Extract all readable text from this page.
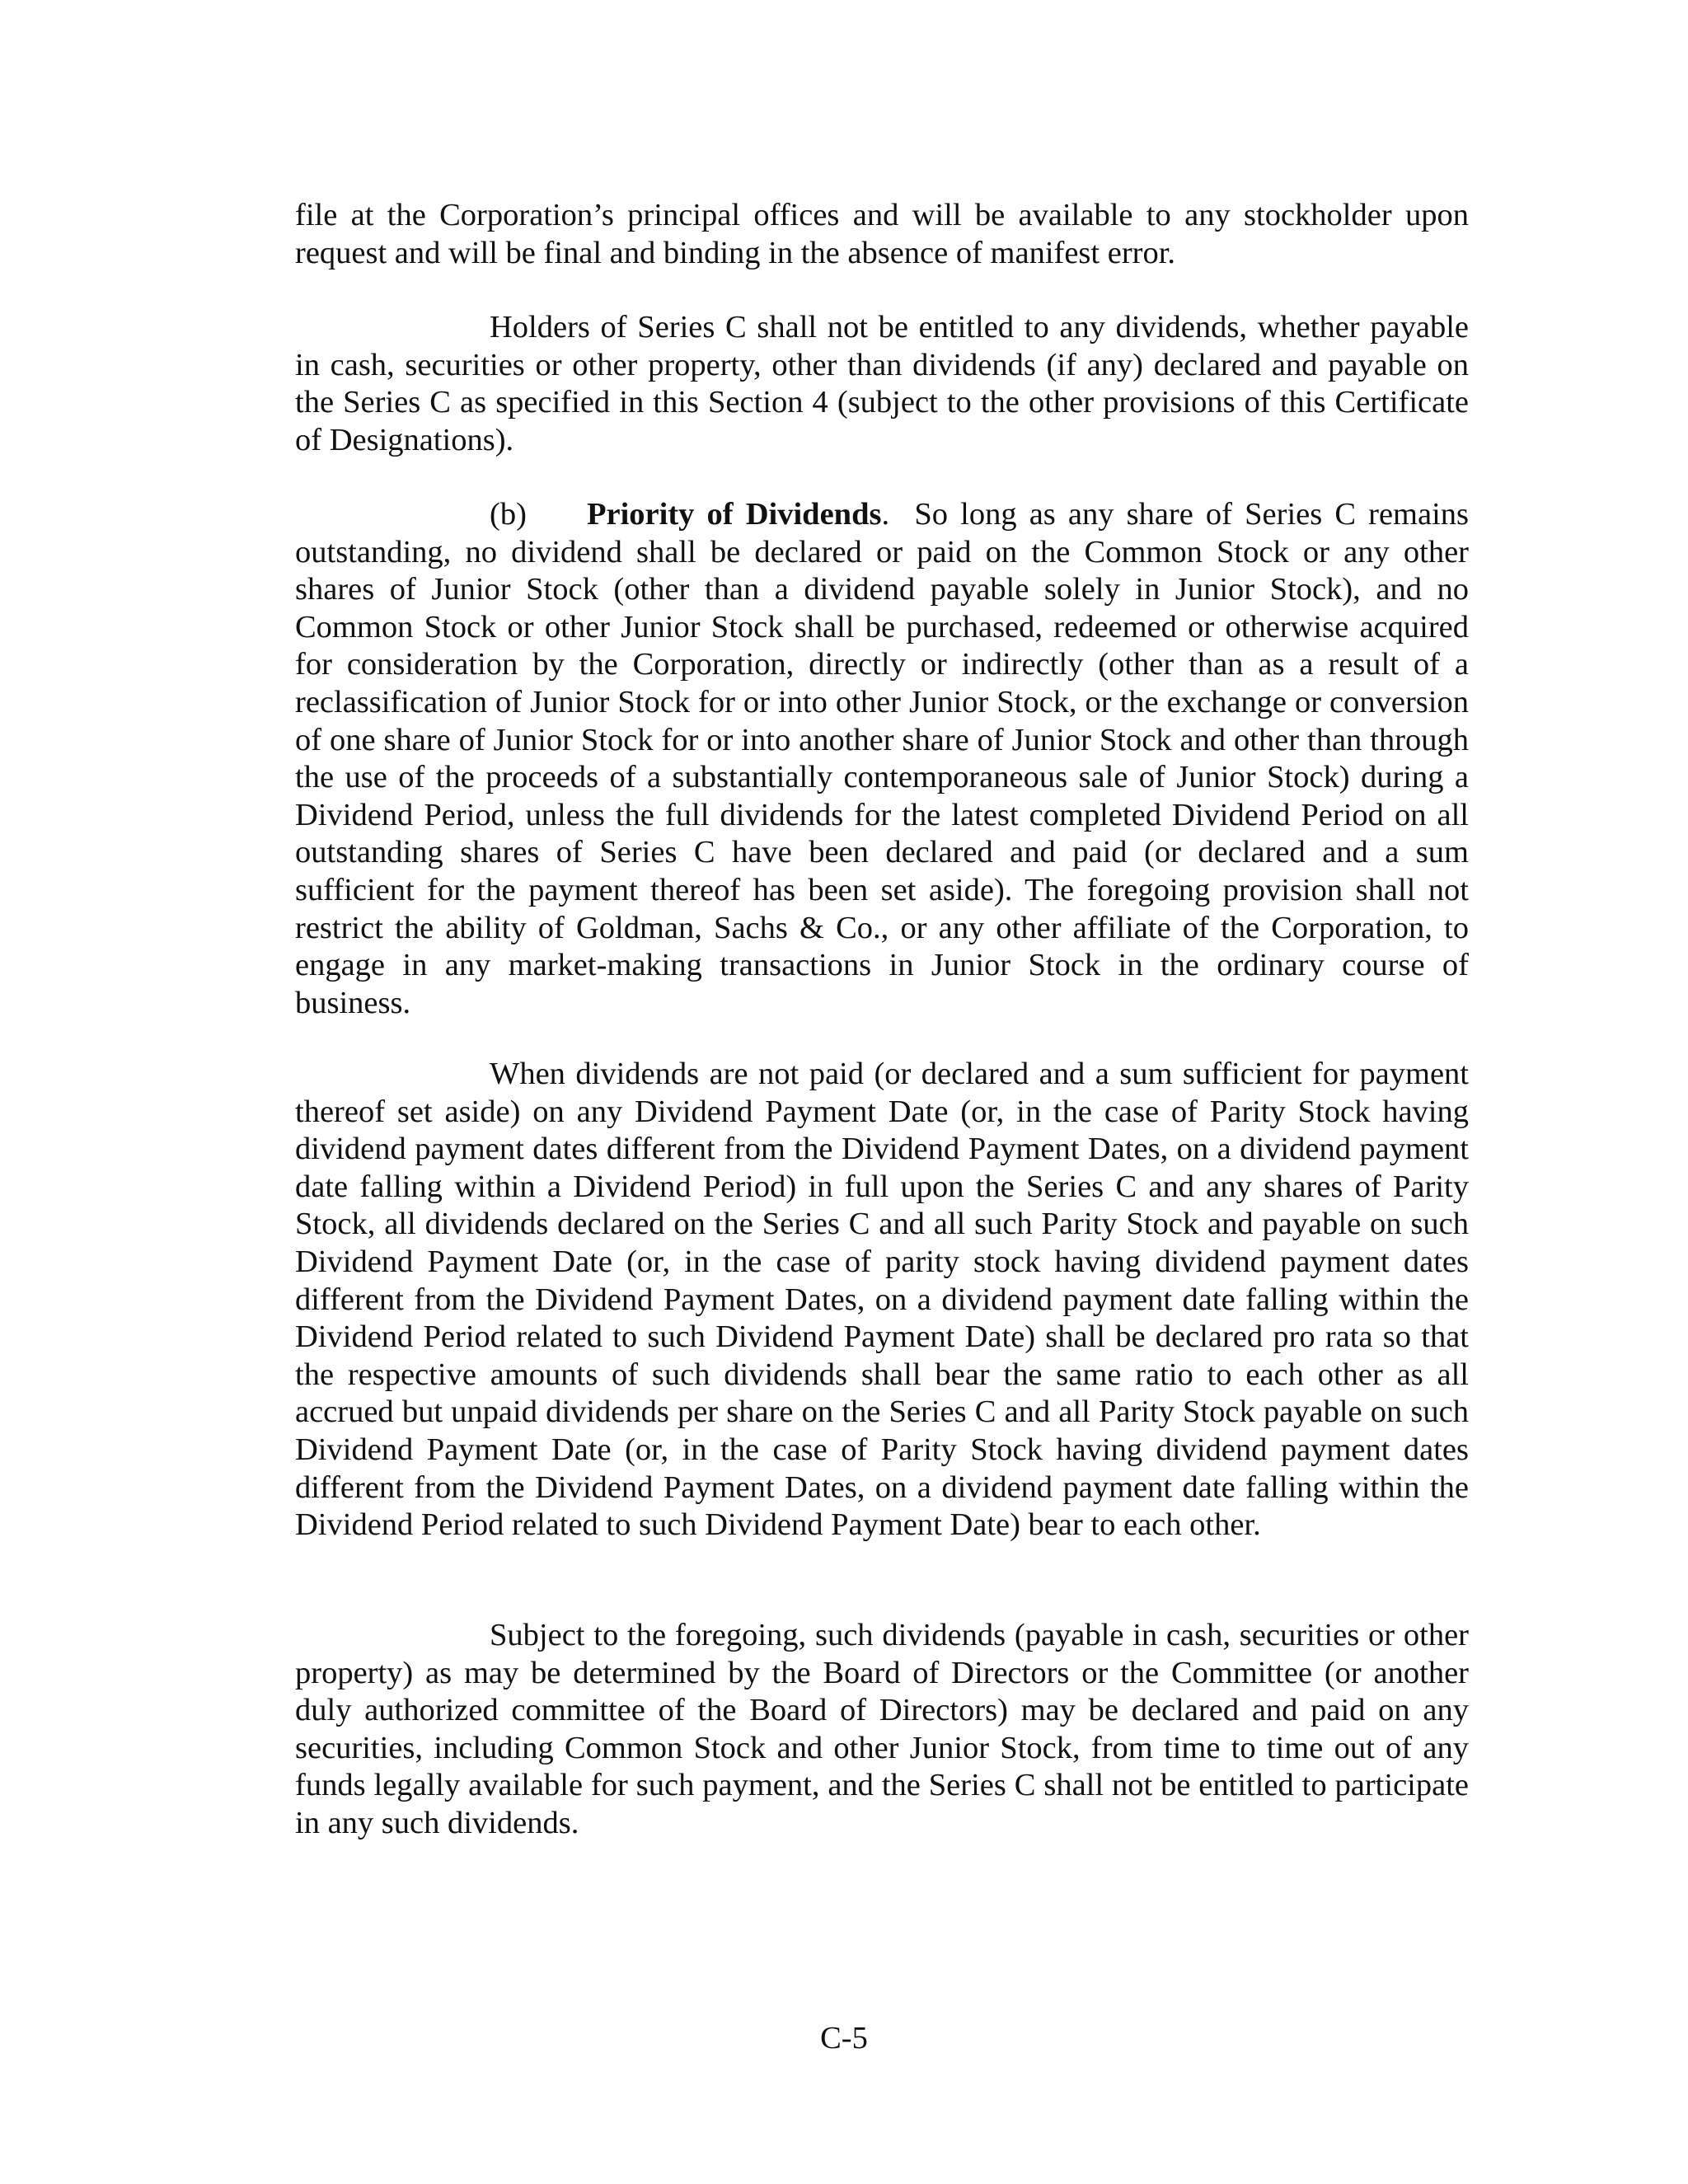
file at the Corporation’s principal offices and will be available to any stockholder upon request and will be final and binding in the absence of manifest error.

Holders of Series C shall not be entitled to any dividends, whether payable in cash, securities or other property, other than dividends (if any) declared and payable on the Series C as specified in this Section 4 (subject to the other provisions of this Certificate of Designations).

(b) Priority of Dividends. So long as any share of Series C remains outstanding, no dividend shall be declared or paid on the Common Stock or any other shares of Junior Stock (other than a dividend payable solely in Junior Stock), and no Common Stock or other Junior Stock shall be purchased, redeemed or otherwise acquired for consideration by the Corporation, directly or indirectly (other than as a result of a reclassification of Junior Stock for or into other Junior Stock, or the exchange or conversion of one share of Junior Stock for or into another share of Junior Stock and other than through the use of the proceeds of a substantially contemporaneous sale of Junior Stock) during a Dividend Period, unless the full dividends for the latest completed Dividend Period on all outstanding shares of Series C have been declared and paid (or declared and a sum sufficient for the payment thereof has been set aside). The foregoing provision shall not restrict the ability of Goldman, Sachs & Co., or any other affiliate of the Corporation, to engage in any market-making transactions in Junior Stock in the ordinary course of business.

When dividends are not paid (or declared and a sum sufficient for payment thereof set aside) on any Dividend Payment Date (or, in the case of Parity Stock having dividend payment dates different from the Dividend Payment Dates, on a dividend payment date falling within a Dividend Period) in full upon the Series C and any shares of Parity Stock, all dividends declared on the Series C and all such Parity Stock and payable on such Dividend Payment Date (or, in the case of parity stock having dividend payment dates different from the Dividend Payment Dates, on a dividend payment date falling within the Dividend Period related to such Dividend Payment Date) shall be declared pro rata so that the respective amounts of such dividends shall bear the same ratio to each other as all accrued but unpaid dividends per share on the Series C and all Parity Stock payable on such Dividend Payment Date (or, in the case of Parity Stock having dividend payment dates different from the Dividend Payment Dates, on a dividend payment date falling within the Dividend Period related to such Dividend Payment Date) bear to each other.

Subject to the foregoing, such dividends (payable in cash, securities or other property) as may be determined by the Board of Directors or the Committee (or another duly authorized committee of the Board of Directors) may be declared and paid on any securities, including Common Stock and other Junior Stock, from time to time out of any funds legally available for such payment, and the Series C shall not be entitled to participate in any such dividends.

C-5
